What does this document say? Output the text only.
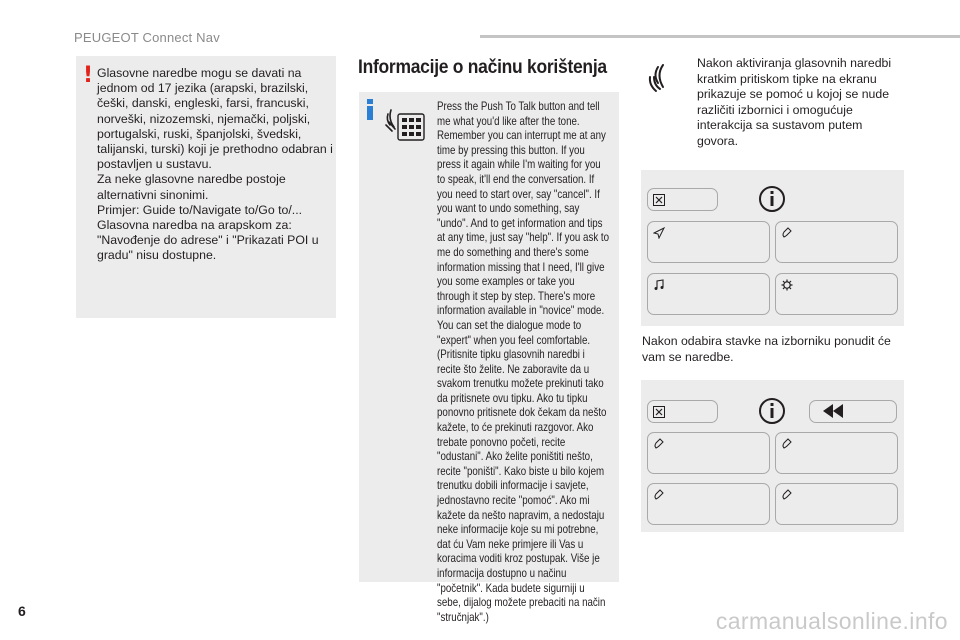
PEUGEOT Connect Nav
! Glasovne naredbe mogu se davati na jednom od 17 jezika (arapski, brazilski, češki, danski, engleski, farsi, francuski, norveški, nizozemski, njemački, poljski, portugalski, ruski, španjolski, švedski, talijanski, turski) koji je prethodno odabran i postavljen u sustavu.
Za neke glasovne naredbe postoje alternativni sinonimi.
Primjer: Guide to/Navigate to/Go to/...
Glasovna naredba na arapskom za: "Navođenje do adrese" i "Prikazati POI u gradu" nisu dostupne.
Informacije o načinu korištenja
Press the Push To Talk button and tell me what you'd like after the tone. Remember you can interrupt me at any time by pressing this button. If you press it again while I'm waiting for you to speak, it'll end the conversation. If you need to start over, say "cancel". If you want to undo something, say "undo". And to get information and tips at any time, just say "help". If you ask to me do something and there's some information missing that I need, I'll give you some examples or take you through it step by step. There's more information available in "novice" mode. You can set the dialogue mode to "expert" when you feel comfortable. (Pritisnite tipku glasovnih naredbi i recite što želite. Ne zaboravite da u svakom trenutku možete prekinuti tako da pritisnete ovu tipku. Ako tu tipku ponovno pritisnete dok čekam da nešto kažete, to će prekinuti razgovor. Ako trebate ponovno početi, recite "odustani". Ako želite poništiti nešto, recite "poništi". Kako biste u bilo kojem trenutku dobili informacije i savjete, jednostavno recite "pomoć". Ako mi kažete da nešto napravim, a nedostaju neke informacije koje su mi potrebne, dat ću Vam neke primjere ili Vas u koracima voditi kroz postupak. Više je informacija dostupno u načinu "početnik". Kada budete sigurniji u sebe, dijalog možete prebaciti na način "stručnjak".)
Nakon aktiviranja glasovnih naredbi kratkim pritiskom tipke na ekranu prikazuje se pomoć u kojoj se nude različiti izbornici i omogućuje interakcija sa sustavom putem govora.
Nakon odabira stavke na izborniku ponudit će vam se naredbe.
6	carmanualsonline.info
